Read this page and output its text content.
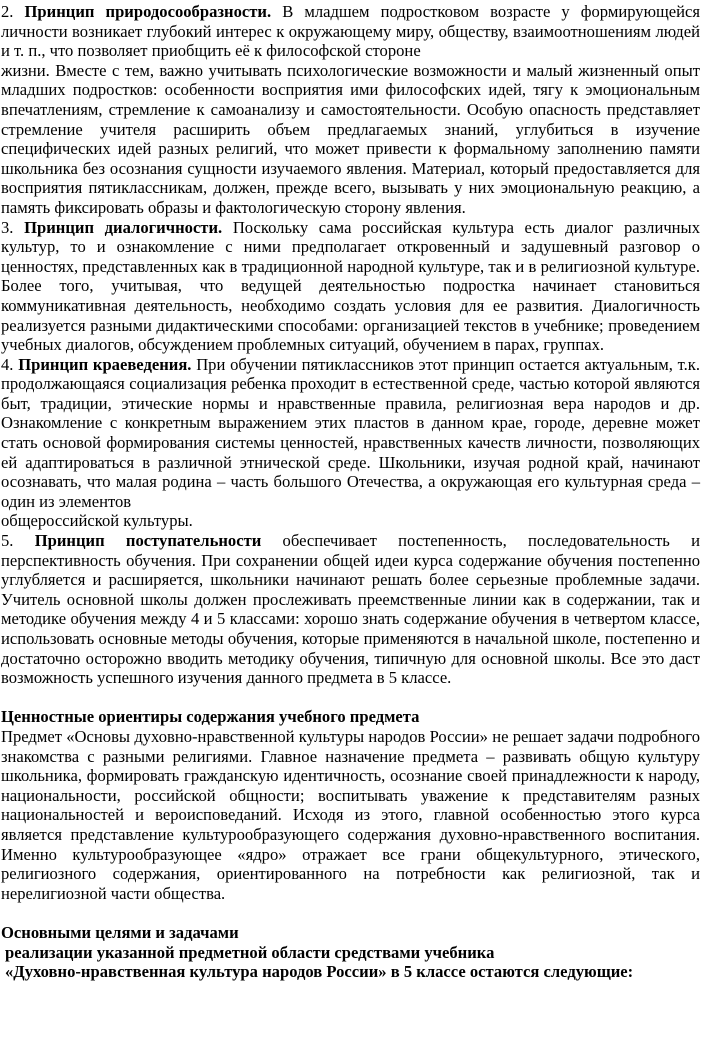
2. Принцип природосообразности. В младшем подростковом возрасте у формирующейся личности возникает глубокий интерес к окружающему миру, обществу, взаимоотношениям людей и т. п., что позволяет приобщить её к философской стороне

жизни. Вместе с тем, важно учитывать психологические возможности и малый жизненный опыт младших подростков: особенности восприятия ими философских идей, тягу к эмоциональным впечатлениям, стремление к самоанализу и самостоятельности. Особую опасность представляет стремление учителя расширить объем предлагаемых знаний, углубиться в изучение специфических идей разных религий, что может привести к формальному заполнению памяти школьника без осознания сущности изучаемого явления. Материал, который предоставляется для восприятия пятиклассникам, должен, прежде всего, вызывать у них эмоциональную реакцию, а память фиксировать образы и фактологическую сторону явления.

3. Принцип диалогичности. Поскольку сама российская культура есть диалог различных культур, то и ознакомление с ними предполагает откровенный и задушевный разговор о ценностях, представленных как в традиционной народной культуре, так и в религиозной культуре. Более того, учитывая, что ведущей деятельностью подростка начинает становиться коммуникативная деятельность, необходимо создать условия для ее развития. Диалогичность реализуется разными дидактическими способами: организацией текстов в учебнике; проведением учебных диалогов, обсуждением проблемных ситуаций, обучением в парах, группах.

4. Принцип краеведения. При обучении пятиклассников этот принцип остается актуальным, т.к. продолжающаяся социализация ребенка проходит в естественной среде, частью которой являются быт, традиции, этические нормы и нравственные правила, религиозная вера народов и др. Ознакомление с конкретным выражением этих пластов в данном крае, городе, деревне может стать основой формирования системы ценностей, нравственных качеств личности, позволяющих ей адаптироваться в различной этнической среде. Школьники, изучая родной край, начинают осознавать, что малая родина – часть большого Отечества, а окружающая его культурная среда – один из элементов

общероссийской культуры.

5. Принцип поступательности обеспечивает постепенность, последовательность и перспективность обучения. При сохранении общей идеи курса содержание обучения постепенно углубляется и расширяется, школьники начинают решать более серьезные проблемные задачи. Учитель основной школы должен прослеживать преемственные линии как в содержании, так и методике обучения между 4 и 5 классами: хорошо знать содержание обучения в четвертом классе, использовать основные методы обучения, которые применяются в начальной школе, постепенно и достаточно осторожно вводить методику обучения, типичную для основной школы. Все это даст возможность успешного изучения данного предмета в 5 классе.

Ценностные ориентиры содержания учебного предмета

Предмет «Основы духовно-нравственной культуры народов России» не решает задачи подробного знакомства с разными религиями. Главное назначение предмета – развивать общую культуру школьника, формировать гражданскую идентичность, осознание своей принадлежности к народу, национальности, российской общности; воспитывать уважение к представителям разных национальностей и вероисповеданий. Исходя из этого, главной особенностью этого курса является представление культурообразующего содержания духовно-нравственного воспитания. Именно культурообразующее «ядро» отражает все грани общекультурного, этического, религиозного содержания, ориентированного на потребности как религиозной, так и нерелигиозной части общества.

Основными целями и задачами
реализации указанной предметной области средствами учебника
«Духовно-нравственная культура народов России» в 5 классе остаются следующие:
